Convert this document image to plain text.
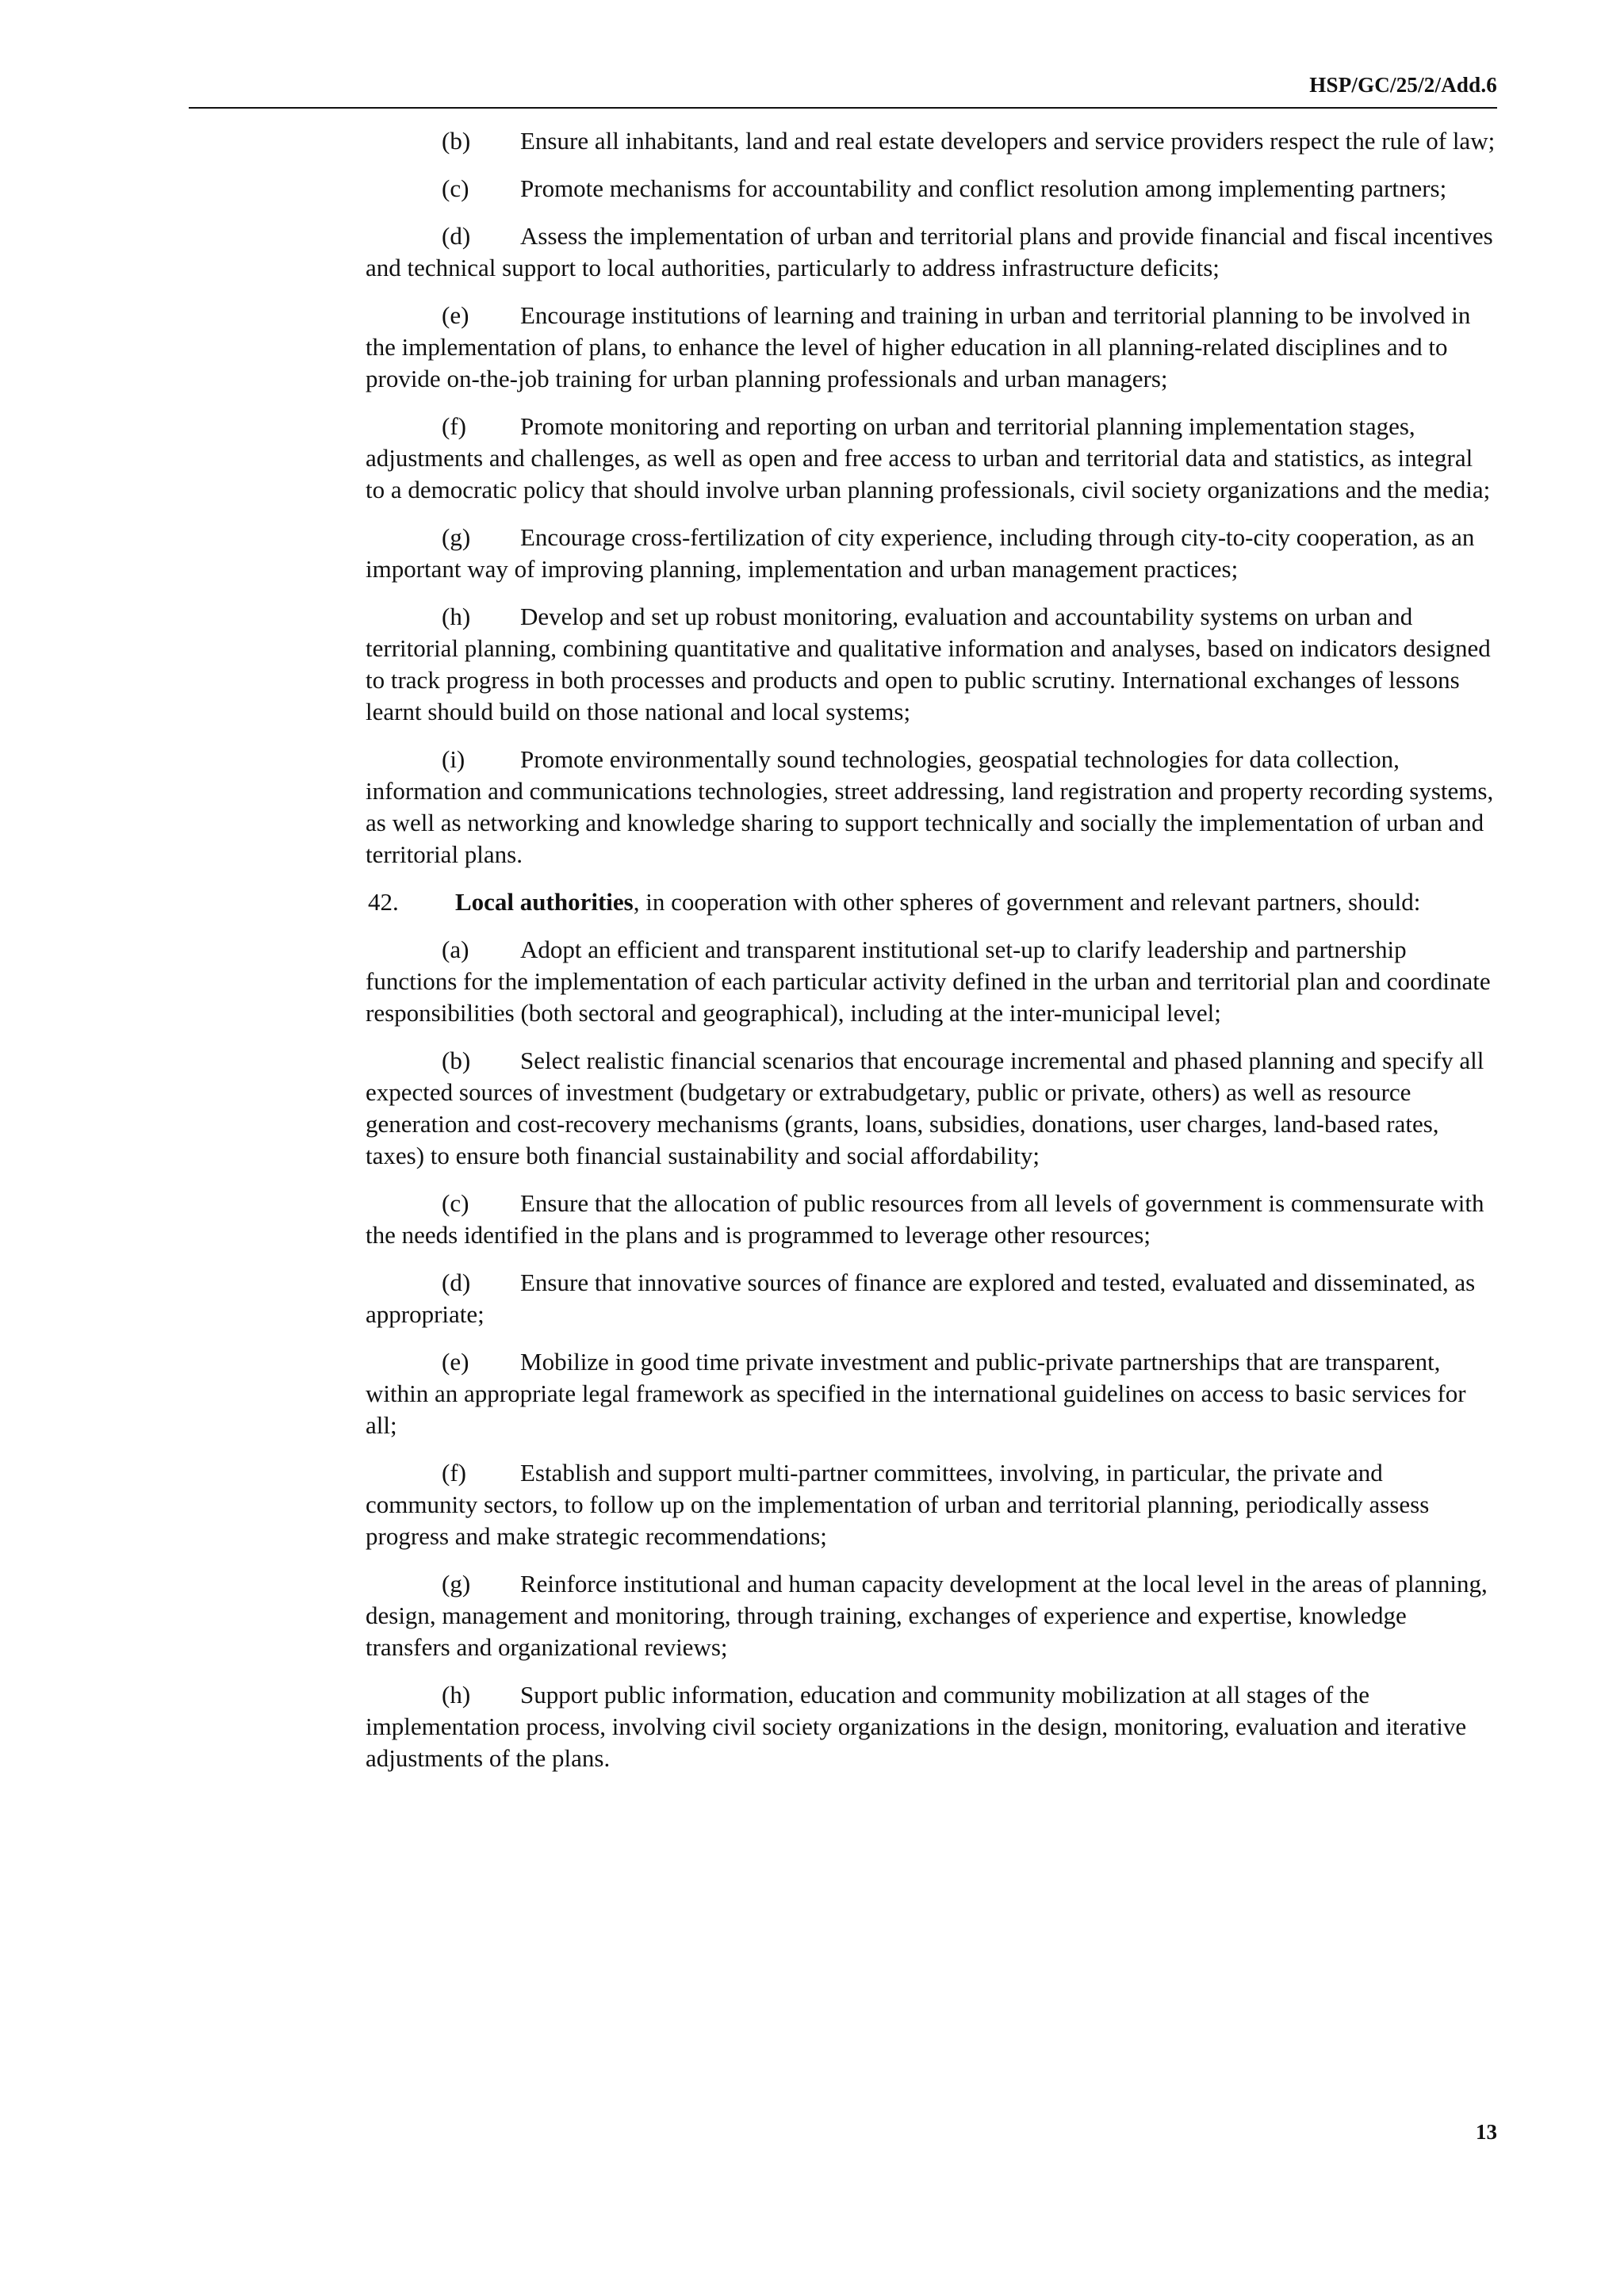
HSP/GC/25/2/Add.6

(b) Ensure all inhabitants, land and real estate developers and service providers respect the rule of law;

(c) Promote mechanisms for accountability and conflict resolution among implementing partners;

(d) Assess the implementation of urban and territorial plans and provide financial and fiscal incentives and technical support to local authorities, particularly to address infrastructure deficits;

(e) Encourage institutions of learning and training in urban and territorial planning to be involved in the implementation of plans, to enhance the level of higher education in all planning-related disciplines and to provide on-the-job training for urban planning professionals and urban managers;

(f) Promote monitoring and reporting on urban and territorial planning implementation stages, adjustments and challenges, as well as open and free access to urban and territorial data and statistics, as integral to a democratic policy that should involve urban planning professionals, civil society organizations and the media;

(g) Encourage cross-fertilization of city experience, including through city-to-city cooperation, as an important way of improving planning, implementation and urban management practices;

(h) Develop and set up robust monitoring, evaluation and accountability systems on urban and territorial planning, combining quantitative and qualitative information and analyses, based on indicators designed to track progress in both processes and products and open to public scrutiny. International exchanges of lessons learnt should build on those national and local systems;

(i) Promote environmentally sound technologies, geospatial technologies for data collection, information and communications technologies, street addressing, land registration and property recording systems, as well as networking and knowledge sharing to support technically and socially the implementation of urban and territorial plans.

42. Local authorities, in cooperation with other spheres of government and relevant partners, should:

(a) Adopt an efficient and transparent institutional set-up to clarify leadership and partnership functions for the implementation of each particular activity defined in the urban and territorial plan and coordinate responsibilities (both sectoral and geographical), including at the inter-municipal level;

(b) Select realistic financial scenarios that encourage incremental and phased planning and specify all expected sources of investment (budgetary or extrabudgetary, public or private, others) as well as resource generation and cost-recovery mechanisms (grants, loans, subsidies, donations, user charges, land-based rates, taxes) to ensure both financial sustainability and social affordability;

(c) Ensure that the allocation of public resources from all levels of government is commensurate with the needs identified in the plans and is programmed to leverage other resources;

(d) Ensure that innovative sources of finance are explored and tested, evaluated and disseminated, as appropriate;

(e) Mobilize in good time private investment and public-private partnerships that are transparent, within an appropriate legal framework as specified in the international guidelines on access to basic services for all;

(f) Establish and support multi-partner committees, involving, in particular, the private and community sectors, to follow up on the implementation of urban and territorial planning, periodically assess progress and make strategic recommendations;

(g) Reinforce institutional and human capacity development at the local level in the areas of planning, design, management and monitoring, through training, exchanges of experience and expertise, knowledge transfers and organizational reviews;

(h) Support public information, education and community mobilization at all stages of the implementation process, involving civil society organizations in the design, monitoring, evaluation and iterative adjustments of the plans.

13
